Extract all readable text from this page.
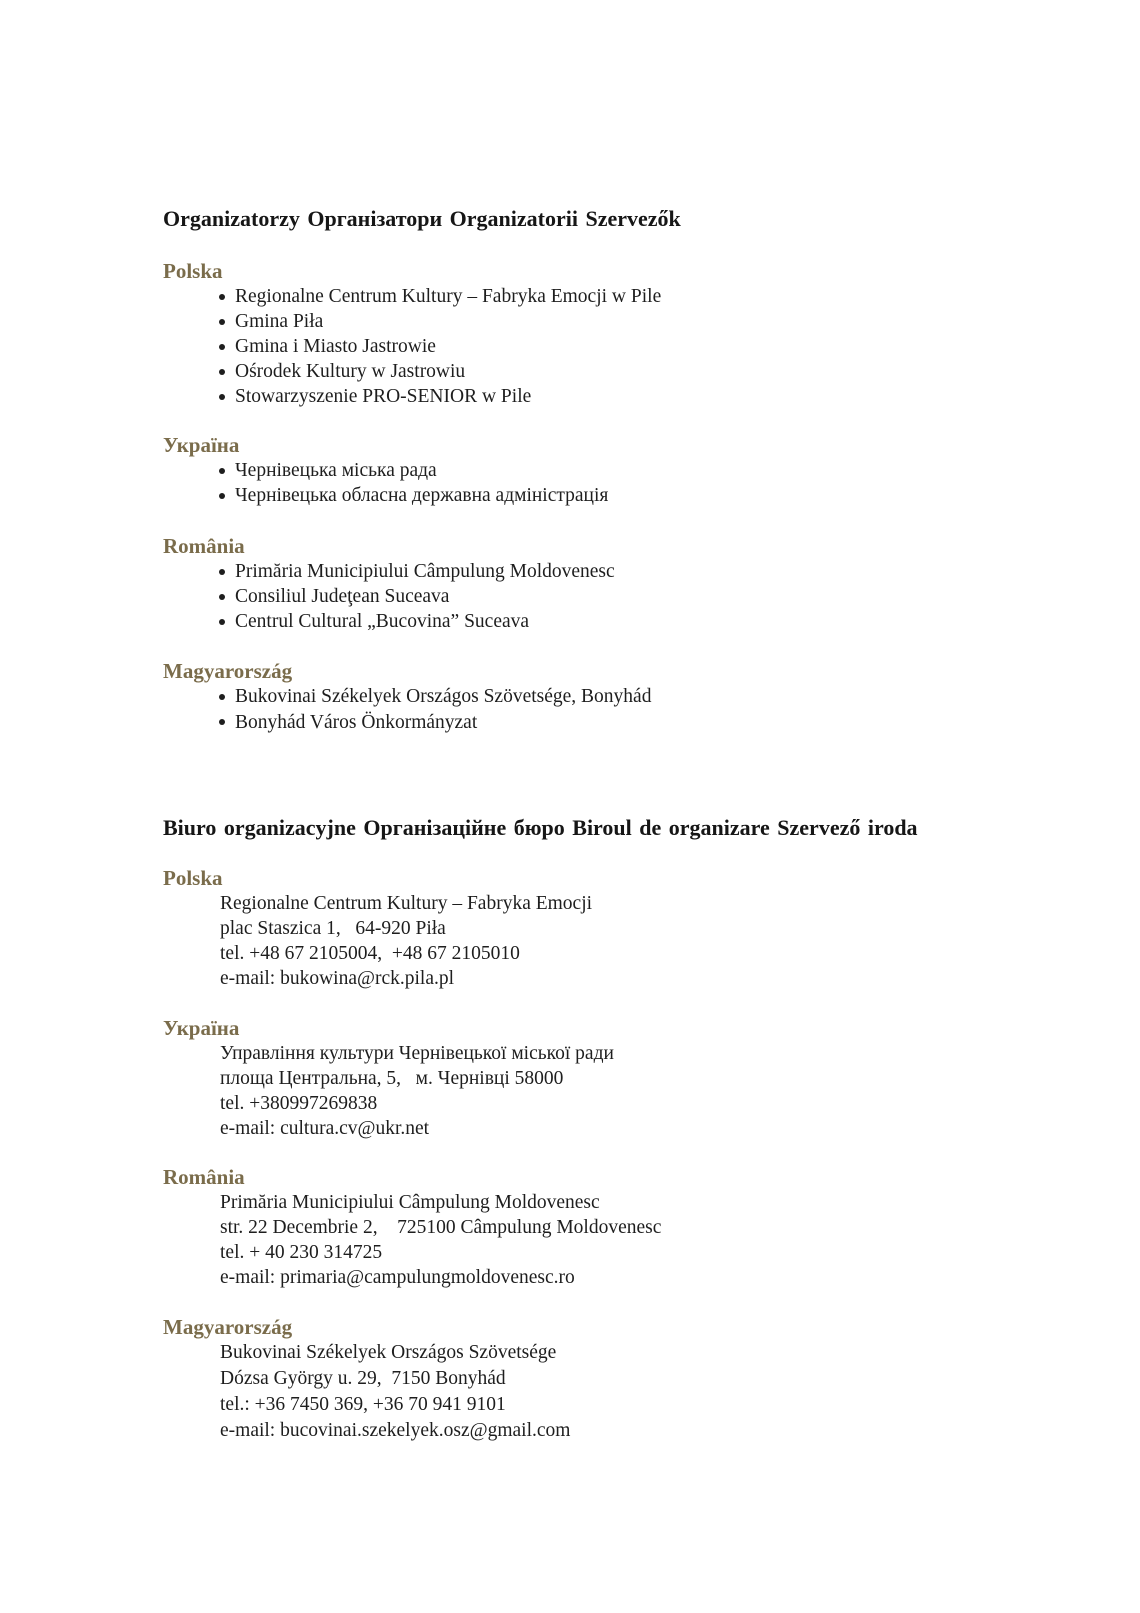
Organizatorzy Організатори Organizatorii Szervezők
Polska
Regionalne Centrum Kultury – Fabryka Emocji w Pile
Gmina Piła
Gmina i Miasto Jastrowie
Ośrodek Kultury w Jastrowiu
Stowarzyszenie PRO-SENIOR w Pile
Україна
Чернівецька міська рада
Чернівецька обласна державна адміністрація
România
Primăria Municipiului Câmpulung Moldovenesc
Consiliul Judeţean Suceava
Centrul Cultural „Bucovina” Suceava
Magyarország
Bukovinai Székelyek Országos Szövetsége, Bonyhád
Bonyhád Város Önkormányzat
Biuro organizacyjne Організаційне бюро Biroul de organizare Szervező iroda
Polska
Regionalne Centrum Kultury – Fabryka Emocji
plac Staszica 1,   64-920 Piła
tel. +48 67 2105004,  +48 67 2105010
e-mail: bukowina@rck.pila.pl
Україна
Управління культури Чернівецької міської ради
площа Центральна, 5,   м. Чернівці 58000
tel. +380997269838
e-mail: cultura.cv@ukr.net
România
Primăria Municipiului Câmpulung Moldovenesc
str. 22 Decembrie 2,    725100 Câmpulung Moldovenesc
tel. + 40 230 314725
e-mail: primaria@campulungmoldovenesc.ro
Magyarország
Bukovinai Székelyek Országos Szövetsége
Dózsa György u. 29,  7150 Bonyhád
tel.: +36 7450 369, +36 70 941 9101
e-mail: bucovinai.szekelyek.osz@gmail.com
